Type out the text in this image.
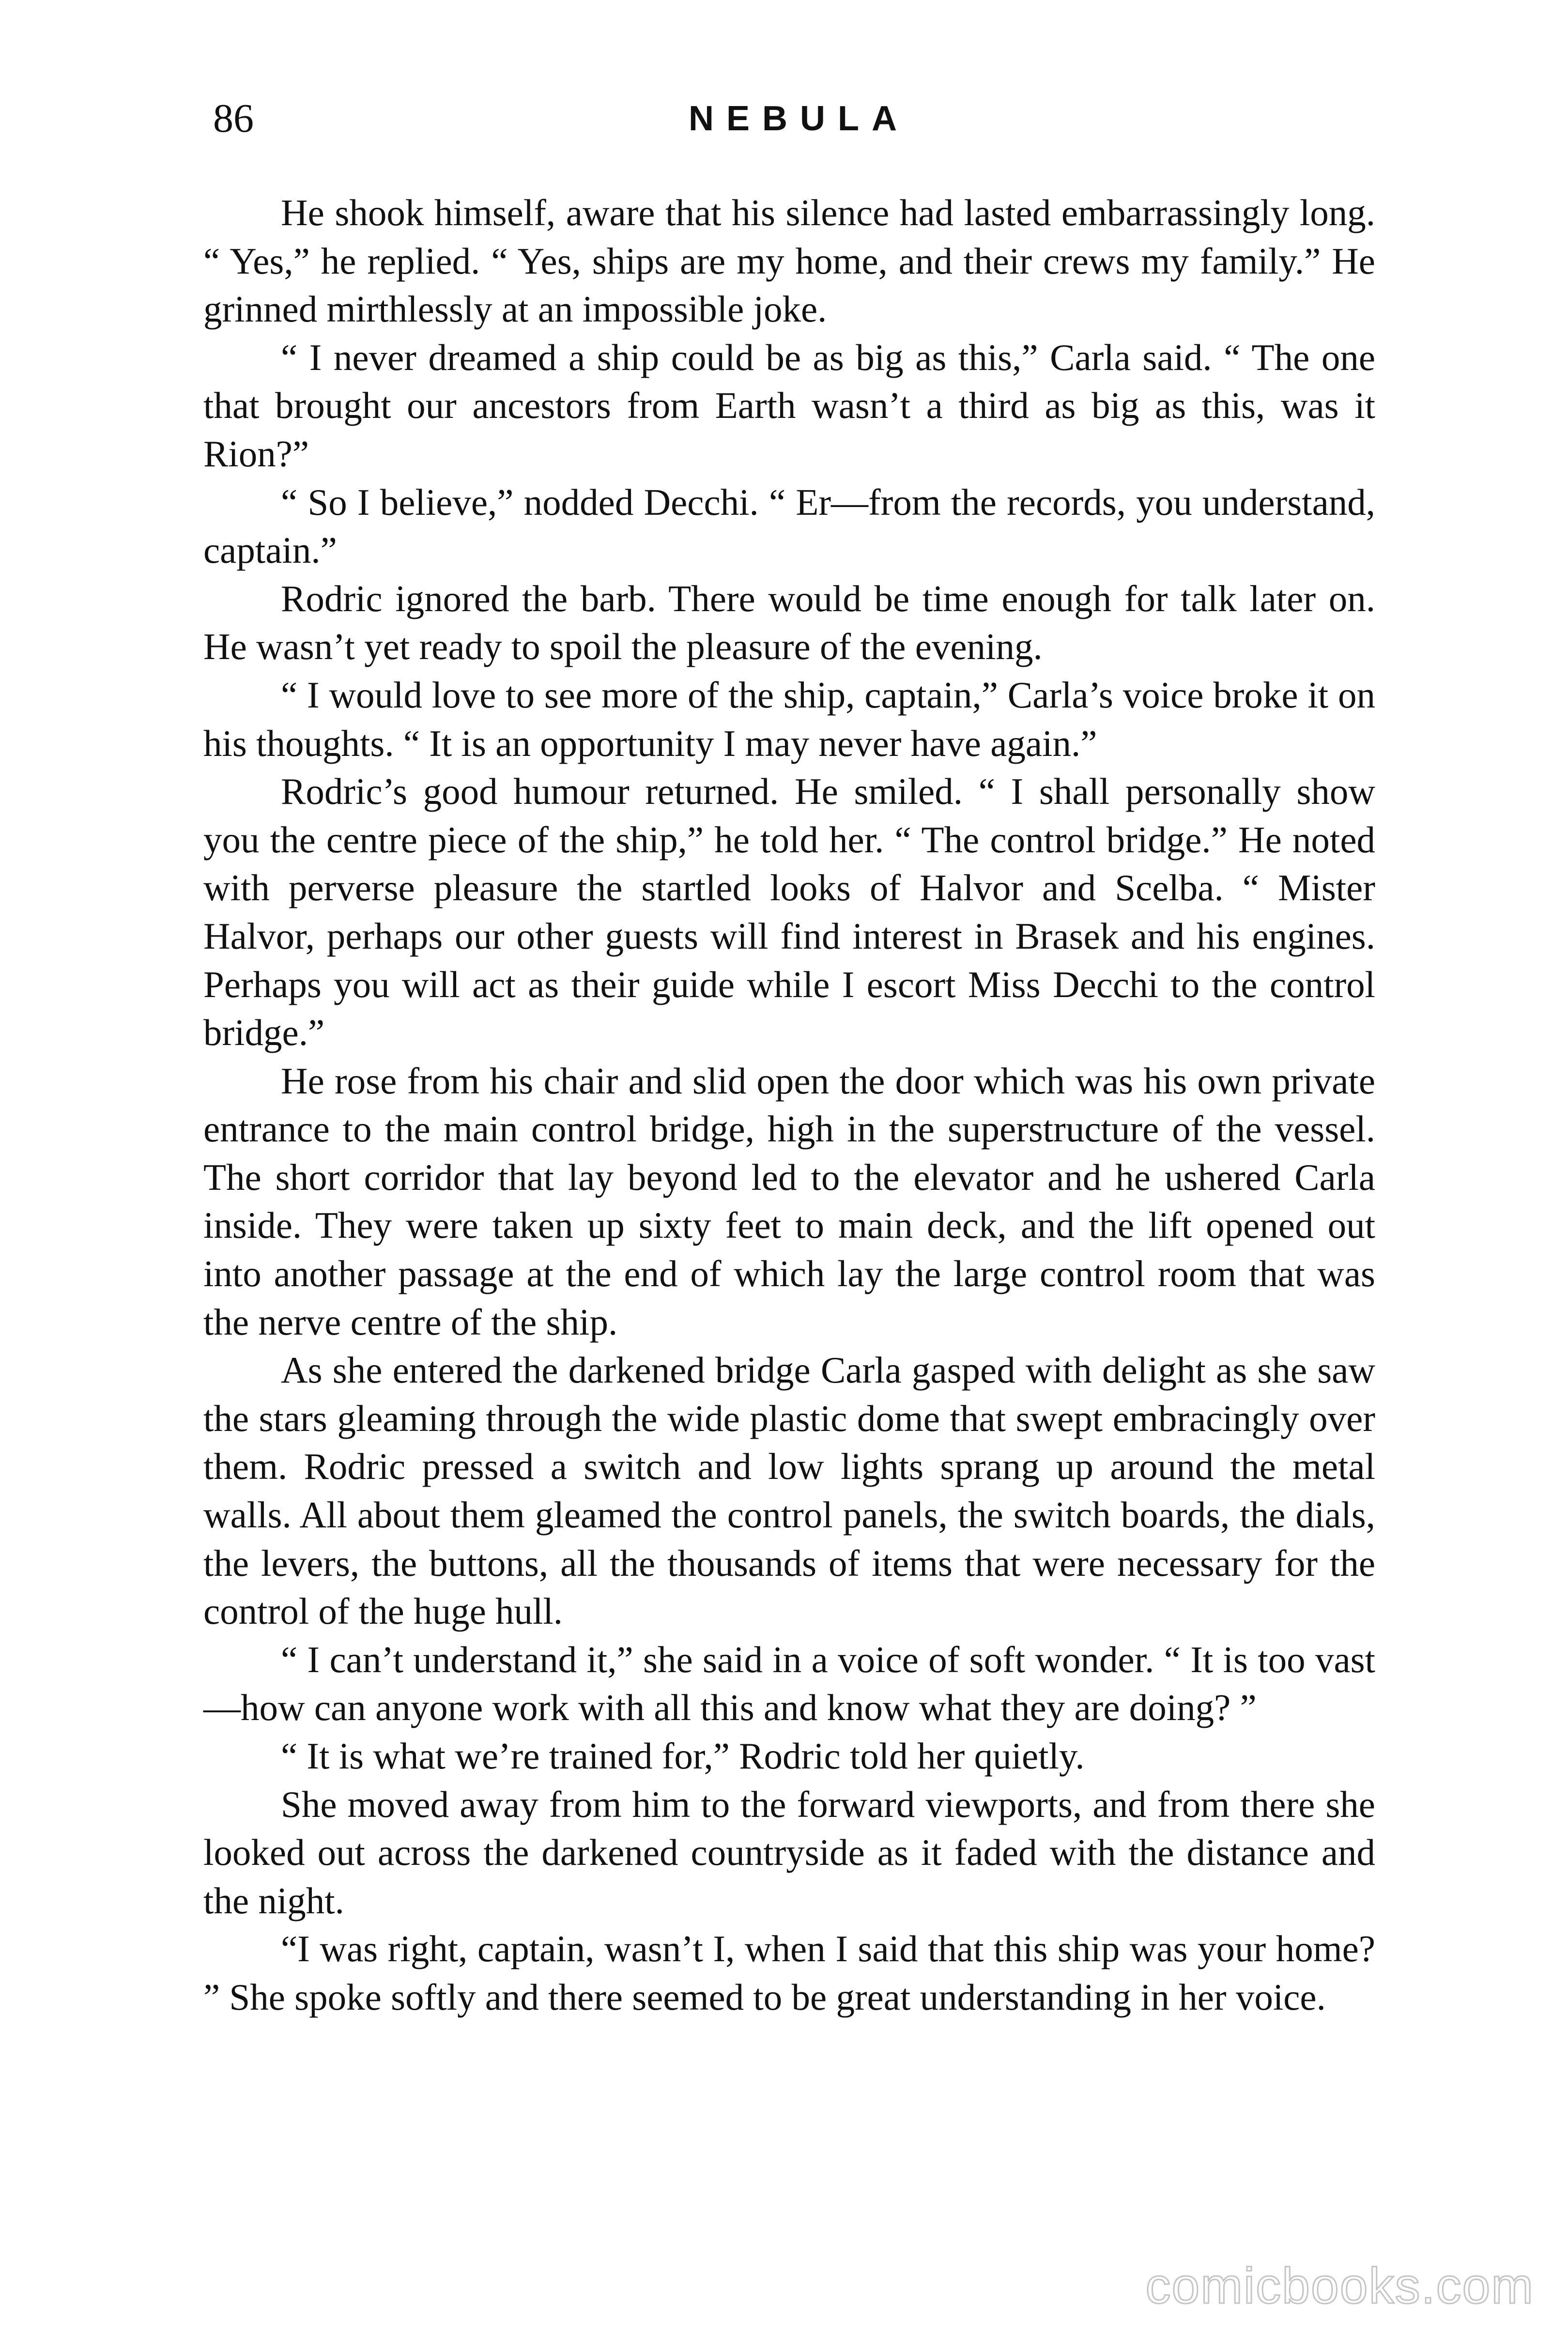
86	NEBULA

He shook himself, aware that his silence had lasted embarrassingly long. “ Yes,” he replied. “ Yes, ships are my home, and their crews my family.” He grinned mirthlessly at an impossible joke.

“ I never dreamed a ship could be as big as this,” Carla said. “ The one that brought our ancestors from Earth wasn’t a third as big as this, was it Rion?”

“ So I believe,” nodded Decchi. “ Er—from the records, you understand, captain.”

Rodric ignored the barb. There would be time enough for talk later on. He wasn’t yet ready to spoil the pleasure of the evening.

“ I would love to see more of the ship, captain,” Carla’s voice broke it on his thoughts. “ It is an opportunity I may never have again.”

Rodric’s good humour returned. He smiled. “ I shall personally show you the centre piece of the ship,” he told her. “ The control bridge.” He noted with perverse pleasure the startled looks of Halvor and Scelba. “ Mister Halvor, perhaps our other guests will find interest in Brasek and his engines. Perhaps you will act as their guide while I escort Miss Decchi to the control bridge.”

He rose from his chair and slid open the door which was his own private entrance to the main control bridge, high in the superstructure of the vessel. The short corridor that lay beyond led to the elevator and he ushered Carla inside. They were taken up sixty feet to main deck, and the lift opened out into another passage at the end of which lay the large control room that was the nerve centre of the ship.

As she entered the darkened bridge Carla gasped with delight as she saw the stars gleaming through the wide plastic dome that swept embracingly over them. Rodric pressed a switch and low lights sprang up around the metal walls. All about them gleamed the control panels, the switch boards, the dials, the levers, the buttons, all the thousands of items that were necessary for the control of the huge hull.

“ I can’t understand it,” she said in a voice of soft wonder. “ It is too vast—how can anyone work with all this and know what they are doing? ”

“ It is what we’re trained for,” Rodric told her quietly.

She moved away from him to the forward viewports, and from there she looked out across the darkened countryside as it faded with the distance and the night.

“I was right, captain, wasn’t I, when I said that this ship was your home? ” She spoke softly and there seemed to be great understanding in her voice.

comicbooks.com
